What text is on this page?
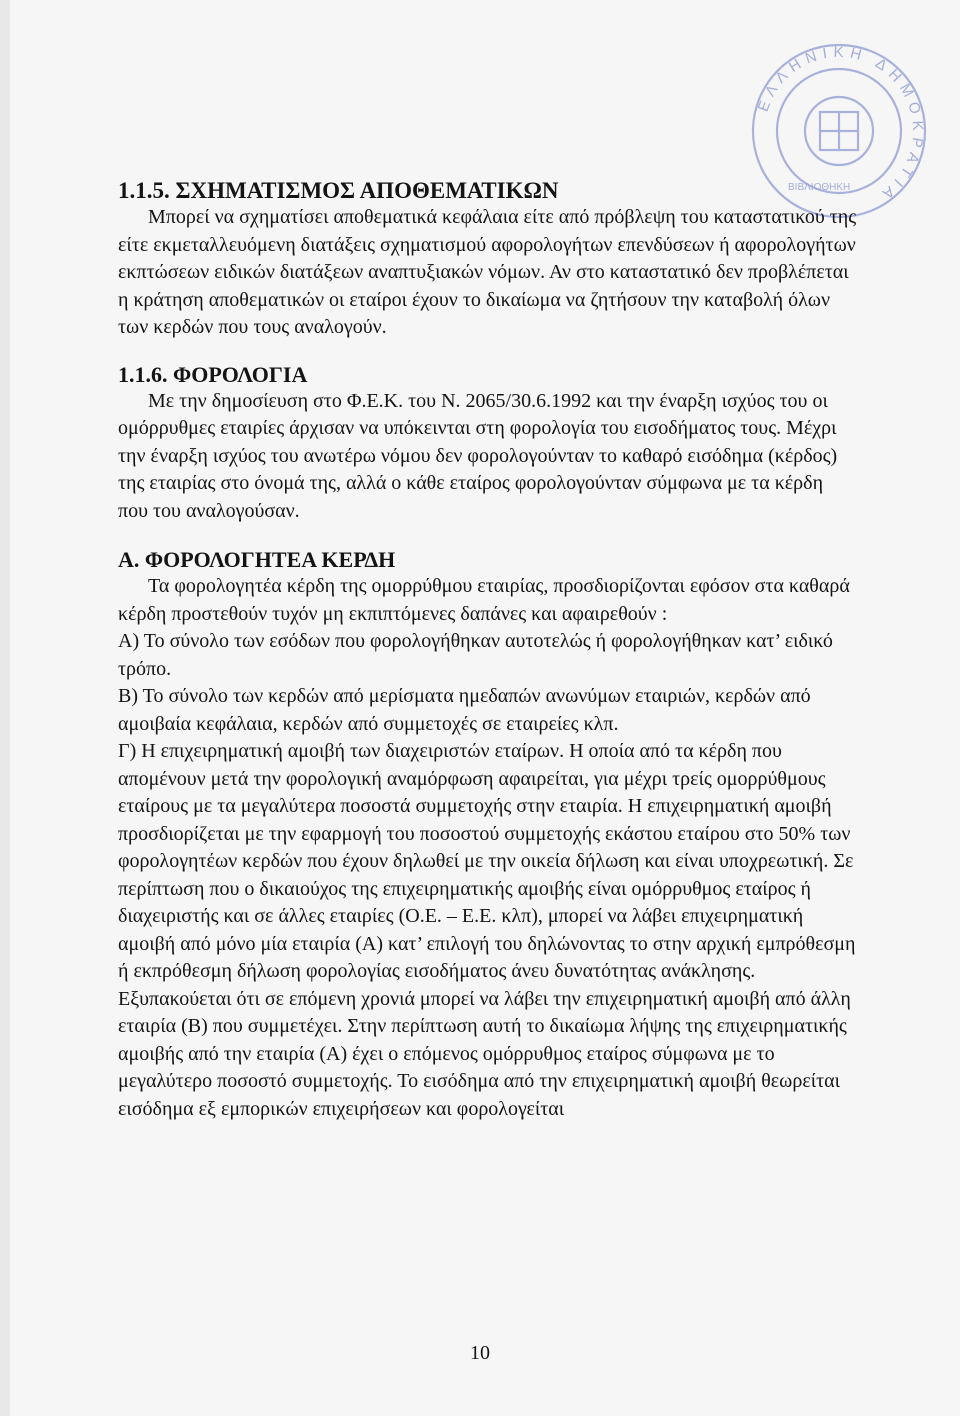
ΕΛΛΗΝΙΚΗ ΔΗΜΟΚΡΑΤΙΑ
ΒΙΒΛΙΟΘΗΚΗ
1.1.5. ΣΧΗΜΑΤΙΣΜΟΣ ΑΠΟΘΕΜΑΤΙΚΩΝ

Μπορεί να σχηματίσει αποθεματικά κεφάλαια είτε από πρόβλεψη του καταστατικού της είτε εκμεταλλευόμενη διατάξεις σχηματισμού αφορολογήτων επενδύσεων ή αφορολογήτων εκπτώσεων ειδικών διατάξεων αναπτυξιακών νόμων. Αν στο καταστατικό δεν προβλέπεται η κράτηση αποθεματικών οι εταίροι έχουν το δικαίωμα να ζητήσουν την καταβολή όλων των κερδών που τους αναλογούν.

1.1.6. ΦΟΡΟΛΟΓΙΑ

Με την δημοσίευση στο Φ.Ε.Κ. του Ν. 2065/30.6.1992 και την έναρξη ισχύος του οι ομόρρυθμες εταιρίες άρχισαν να υπόκεινται στη φορολογία του εισοδήματος τους. Μέχρι την έναρξη ισχύος του ανωτέρω νόμου δεν φορολογούνταν το καθαρό εισόδημα (κέρδος) της εταιρίας στο όνομά της, αλλά ο κάθε εταίρος φορολογούνταν σύμφωνα με τα κέρδη που του αναλογούσαν.

Α. ΦΟΡΟΛΟΓΗΤΕΑ ΚΕΡΔΗ

Τα φορολογητέα κέρδη της ομορρύθμου εταιρίας, προσδιορίζονται εφόσον στα καθαρά κέρδη προστεθούν τυχόν μη εκπιπτόμενες δαπάνες και αφαιρεθούν :

Α) Το σύνολο των εσόδων που φορολογήθηκαν αυτοτελώς ή φορολογήθηκαν κατ’ ειδικό τρόπο.

Β) Το σύνολο των κερδών από μερίσματα ημεδαπών ανωνύμων εταιριών, κερδών από αμοιβαία κεφάλαια, κερδών από συμμετοχές σε εταιρείες κλπ.

Γ) Η επιχειρηματική αμοιβή των διαχειριστών εταίρων. Η οποία από τα κέρδη που απομένουν μετά την φορολογική αναμόρφωση αφαιρείται, για μέχρι τρείς ομορρύθμους εταίρους με τα μεγαλύτερα ποσοστά συμμετοχής στην εταιρία. Η επιχειρηματική αμοιβή προσδιορίζεται με την εφαρμογή του ποσοστού συμμετοχής εκάστου εταίρου στο 50% των φορολογητέων κερδών που έχουν δηλωθεί με την οικεία δήλωση και είναι υποχρεωτική. Σε περίπτωση που ο δικαιούχος της επιχειρηματικής αμοιβής είναι ομόρρυθμος εταίρος ή διαχειριστής και σε άλλες εταιρίες (Ο.Ε. – Ε.Ε. κλπ), μπορεί να λάβει επιχειρηματική αμοιβή από μόνο μία εταιρία (Α) κατ’ επιλογή του δηλώνοντας το στην αρχική εμπρόθεσμη ή εκπρόθεσμη δήλωση φορολογίας εισοδήματος άνευ δυνατότητας ανάκλησης. Εξυπακούεται ότι σε επόμενη χρονιά μπορεί να λάβει την επιχειρηματική αμοιβή από άλλη εταιρία (Β) που συμμετέχει. Στην περίπτωση αυτή το δικαίωμα λήψης της επιχειρηματικής αμοιβής από την εταιρία (Α) έχει ο επόμενος ομόρρυθμος εταίρος σύμφωνα με το μεγαλύτερο ποσοστό συμμετοχής. Το εισόδημα από την επιχειρηματική αμοιβή θεωρείται εισόδημα εξ εμπορικών επιχειρήσεων και φορολογείται

10
